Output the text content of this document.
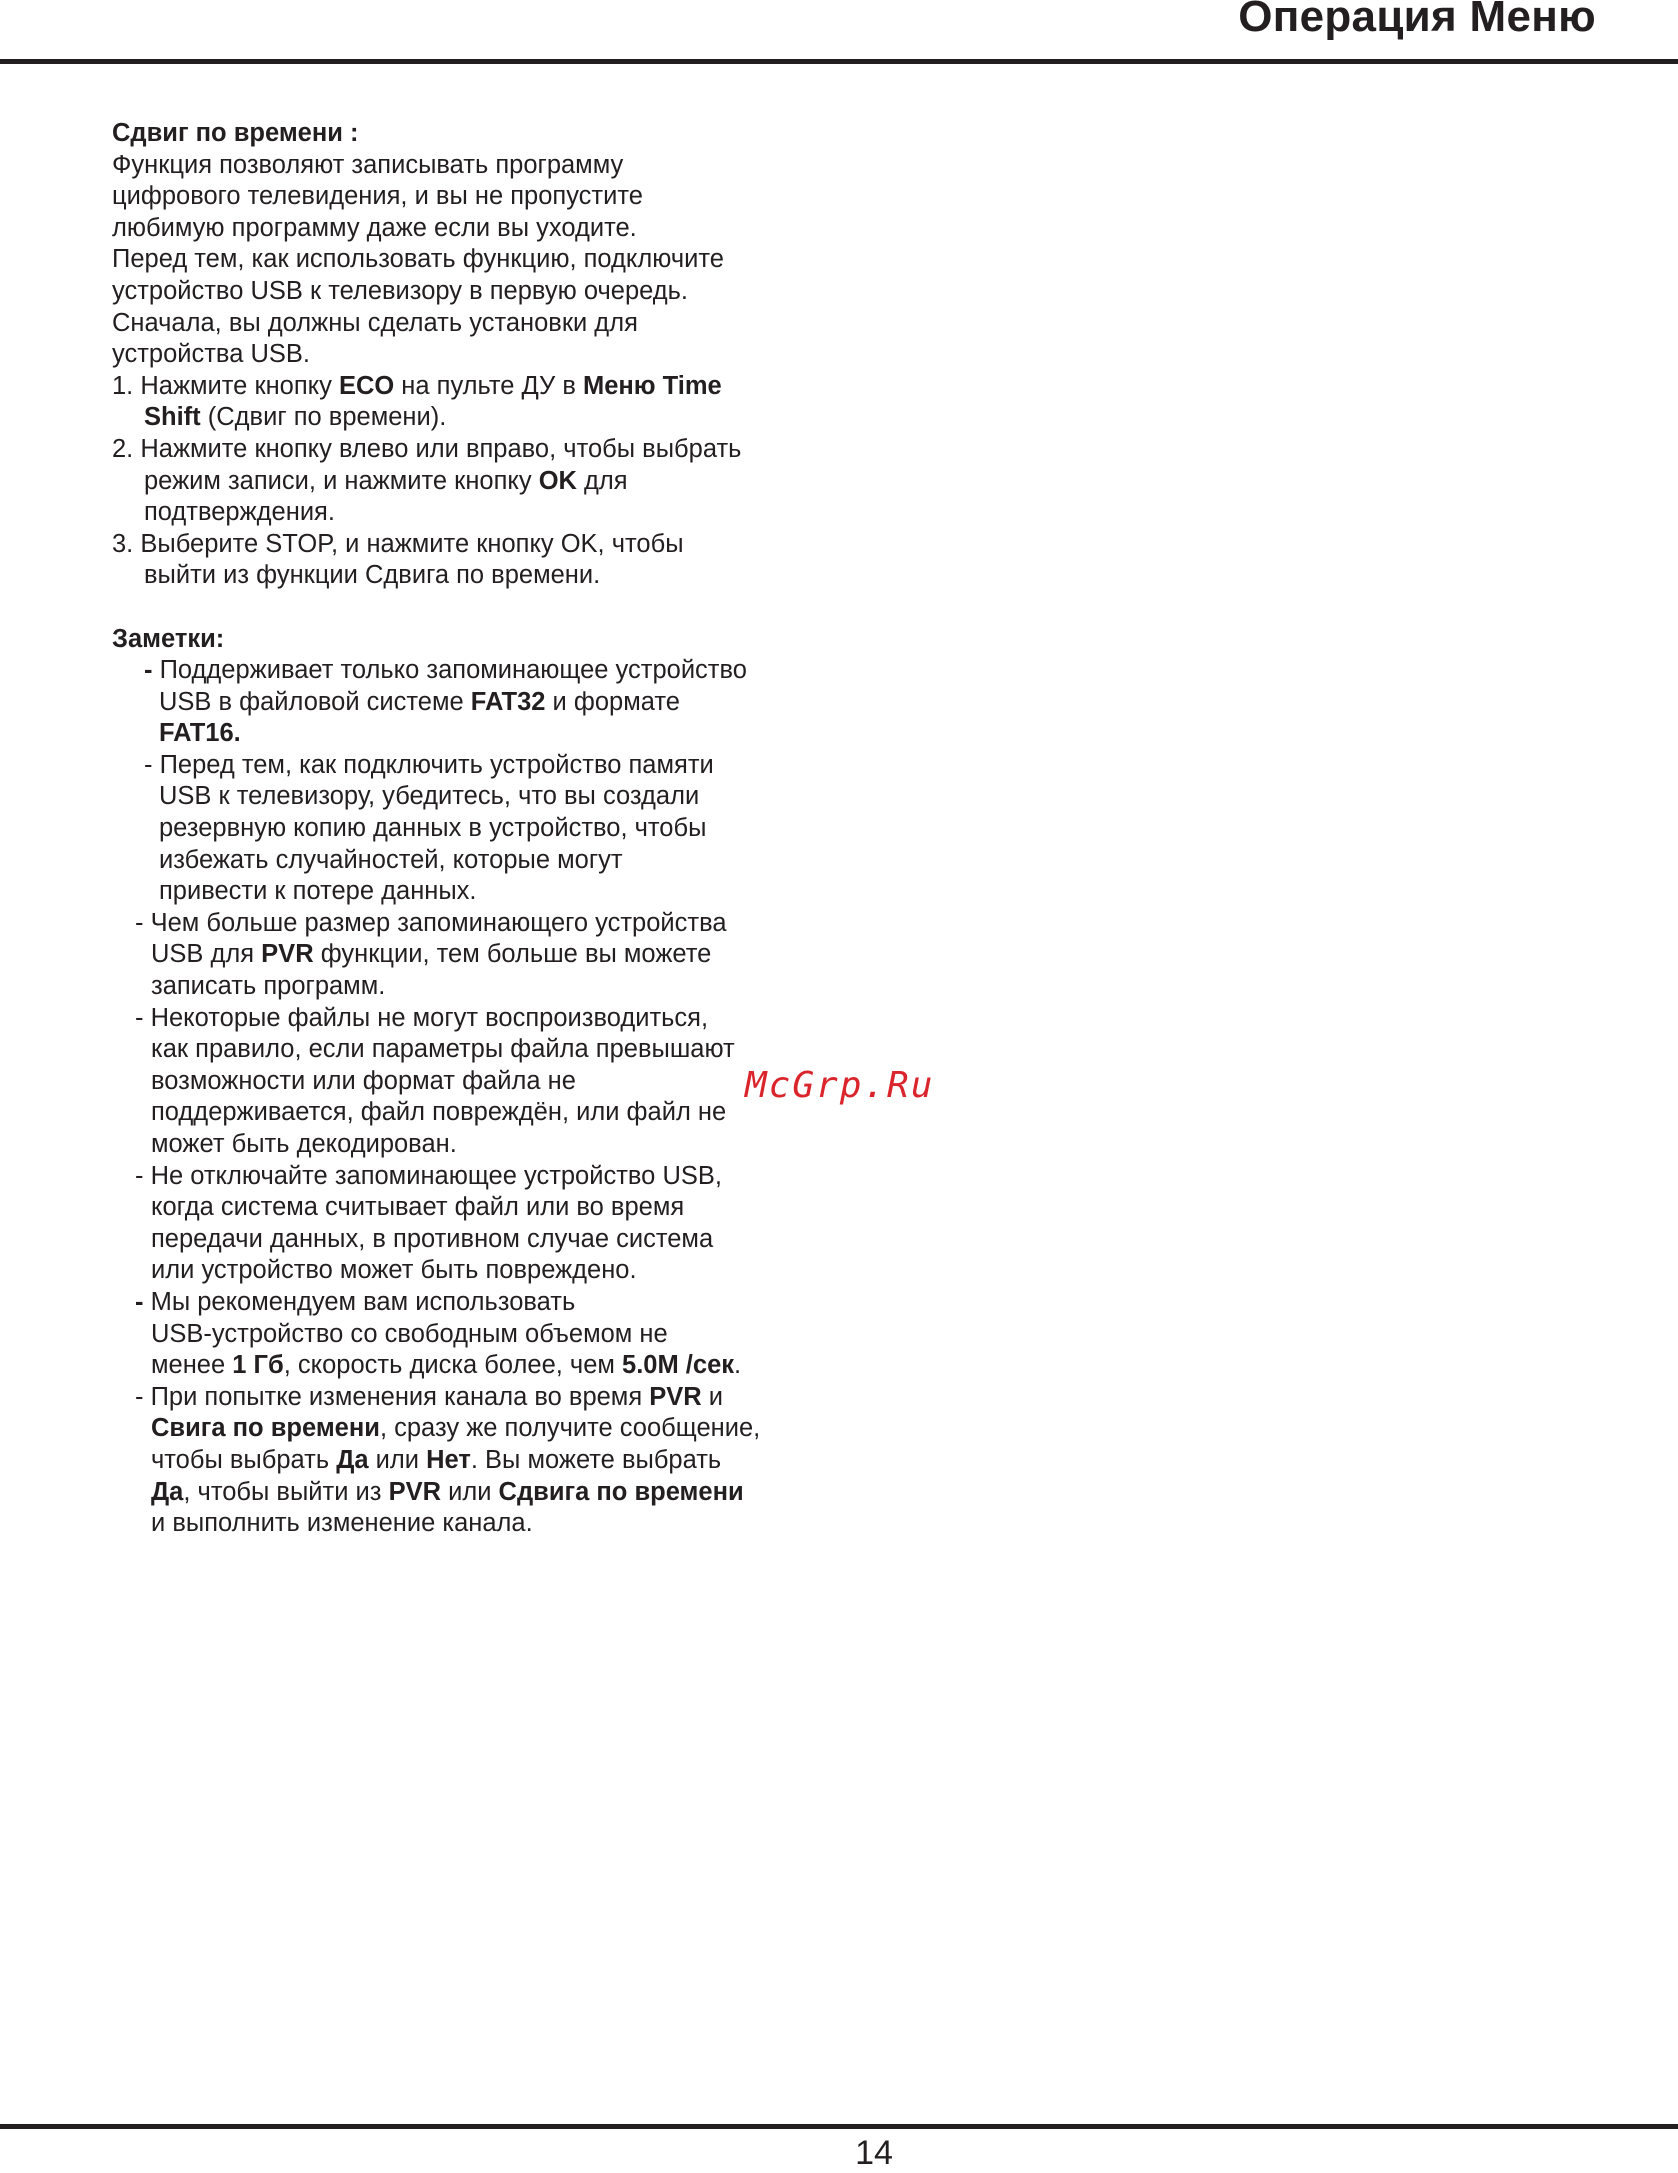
Операция Меню
Сдвиг по времени :
Функция позволяют записывать программу
цифрового телевидения, и вы не пропустите
любимую программу даже если вы уходите.
Перед тем, как использовать функцию, подключите
устройство USB к телевизору в первую очередь.
Сначала, вы должны сделать установки для
устройства USB.
1. Нажмите кнопку ECO на пульте ДУ в Меню Time
Shift (Сдвиг по времени).
2. Нажмите кнопку влево или вправо, чтобы выбрать
режим записи, и нажмите кнопку OK для
подтверждения.
3. Выберите STOP, и нажмите кнопку OK, чтобы
выйти из функции Сдвига по времени.
Заметки:
- Поддерживает только запоминающее устройство
USB в файловой системе FAT32 и формате
FAT16.
- Перед тем, как подключить устройство памяти
USB к телевизору, убедитесь, что вы создали
резервную копию данных в устройство, чтобы
избежать случайностей, которые могут
привести к потере данных.
- Чем больше размер запоминающего устройства
USB для PVR функции, тем больше вы можете
записать программ.
- Некоторые файлы не могут воспроизводиться,
как правило, если параметры файла превышают
возможности или формат файла не
поддерживается, файл повреждён, или файл не
может быть декодирован.
- Не отключайте запоминающее устройство USB,
когда система считывает файл или во время
передачи данных, в противном случае система
или устройство может быть повреждено.
- Мы рекомендуем вам использовать
USB-устройство со свободным объемом не
менее 1 Гб, скорость диска более, чем 5.0M /сек.
- При попытке изменения канала во время PVR и
Свига по времени, сразу же получите сообщение,
чтобы выбрать Да или Нет. Вы можете выбрать
Да, чтобы выйти из PVR или Сдвига по времени
и выполнить изменение канала.
McGrp.Ru
14
